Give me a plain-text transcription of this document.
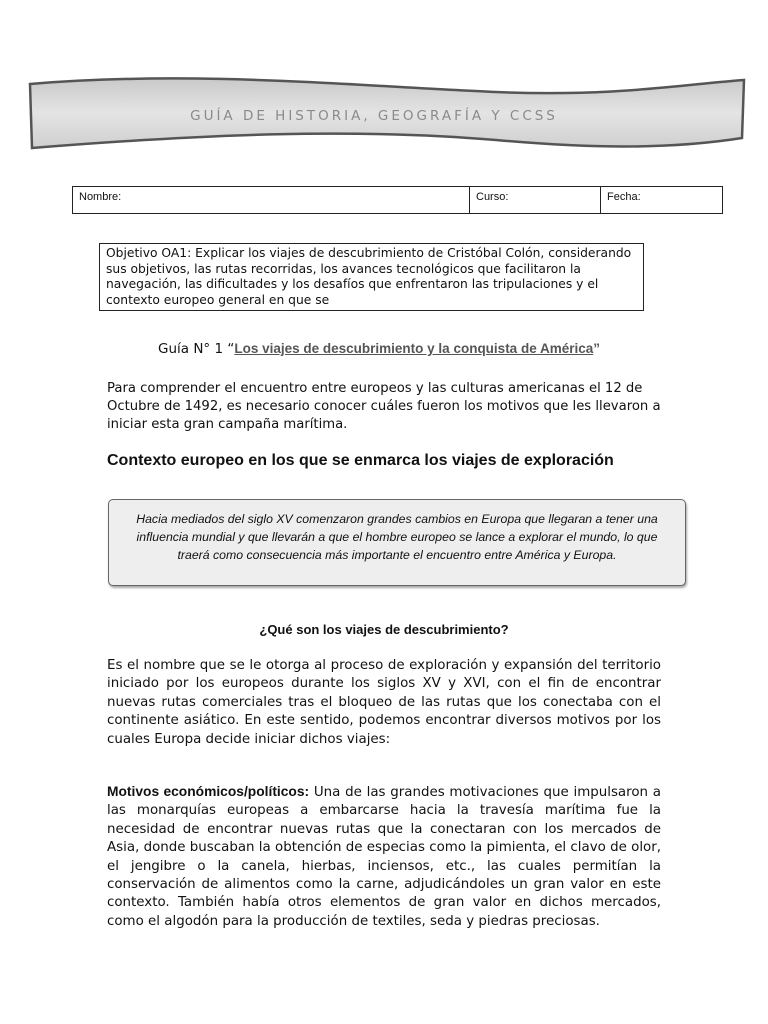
GUÍA DE HISTORIA, GEOGRAFÍA Y CCSS
Nombre:	Curso:	Fecha:
Objetivo OA1: Explicar los viajes de descubrimiento de Cristóbal Colón, considerando sus objetivos, las rutas recorridas, los avances tecnológicos que facilitaron la navegación, las dificultades y los desafíos que enfrentaron las tripulaciones y el contexto europeo general en que se
Guía N° 1 “Los viajes de descubrimiento y la conquista de América”
Para comprender el encuentro entre europeos y las culturas americanas el 12 de Octubre de 1492, es necesario conocer cuáles fueron los motivos que les llevaron a iniciar esta gran campaña marítima.
Contexto europeo en los que se enmarca los viajes de exploración
Hacia mediados del siglo XV comenzaron grandes cambios en Europa que llegaran a tener una influencia mundial y que llevarán a que el hombre europeo se lance a explorar el mundo, lo que traerá como consecuencia más importante el encuentro entre América y Europa.
¿Qué son los viajes de descubrimiento?
Es el nombre que se le otorga al proceso de exploración y expansión del territorio iniciado por los europeos durante los siglos XV y XVI, con el fin de encontrar nuevas rutas comerciales tras el bloqueo de las rutas que los conectaba con el continente asiático. En este sentido, podemos encontrar diversos motivos por los cuales Europa decide iniciar dichos viajes:
Motivos económicos/políticos: Una de las grandes motivaciones que impulsaron a las monarquías europeas a embarcarse hacia la travesía marítima fue la necesidad de encontrar nuevas rutas que la conectaran con los mercados de Asia, donde buscaban la obtención de especias como la pimienta, el clavo de olor, el jengibre o la canela, hierbas, inciensos, etc., las cuales permitían la conservación de alimentos como la carne, adjudicándoles un gran valor en este contexto. También había otros elementos de gran valor en dichos mercados, como el algodón para la producción de textiles, seda y piedras preciosas.
